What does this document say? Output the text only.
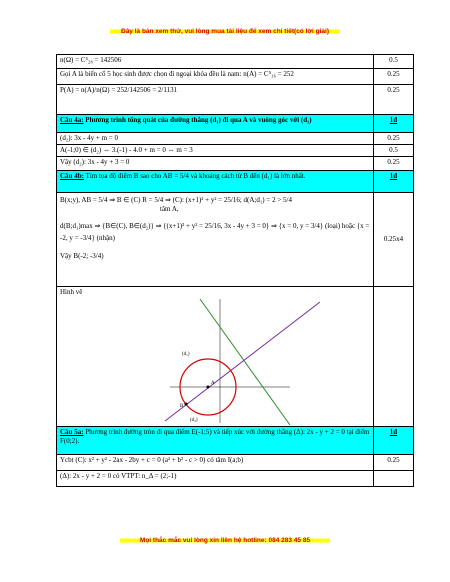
Đây là bản xem thử, vui lòng mua tài liệu để xem chi tiết(có lời giải)
n(Ω) = C⁵₂₈ = 142506	0.5
Gọi A là biến cố 5 học sinh được chọn đi ngoại khóa đều là nam: n(A) = C⁵₁₆ = 252	0.25
P(A) = n(A)/n(Ω) = 252/142506 = 2/1131	0.25
Câu 4a: Phương trình tổng quát của đường thẳng (d₁) đi qua A và vuông góc với (d₁)	1đ
(d₂): 3x - 4y + m = 0	0.25
A(-1;0) ∈ (d₂) ⇔ 3.(-1) - 4.0 + m = 0 ⇔ m = 3	0.5
Vậy (d₂): 3x - 4y + 3 = 0	0.25
Câu 4b: Tìm tọa độ điểm B sao cho AB = 5/4 và khoảng cách từ B đến (d₁) là lớn nhất.	1đ

B(x;y), AB = 5/4 ⇒ B ∈ (C) R = 5/4 ⇒ (C): (x+1)² + y² = 25/16; d(A;d₁) = 2 > 5/4
tâm A,
d(B;d₁)max ⇒ {B∈(C), B∈(d₂)} ⇒ {(x+1)² + y² = 25/16, 3x - 4y + 3 = 0} ⇒ {x = 0, y = 3/4} (loại) hoặc {x = -2, y = -3/4} (nhận)
Vậy B(-2; -3/4)	0.25x4

Hình vẽ
A
B
(d₁)
(d₂)	

Câu 5a: Phương trình đường tròn đi qua điểm E(-1;5) và tiếp xúc với đường thẳng (Δ): 2x - y + 2 = 0 tại điểm F(0;2).	1đ
Ycbt (C): x² + y² - 2ax - 2by + c = 0 (a² + b² - c > 0) có tâm I(a;b)	0.25
(Δ): 2x - y + 2 = 0 có VTPT: n_Δ = (2;-1)	
Mọi thắc mắc vui lòng xin liên hệ hotline: 084 283 45 85
